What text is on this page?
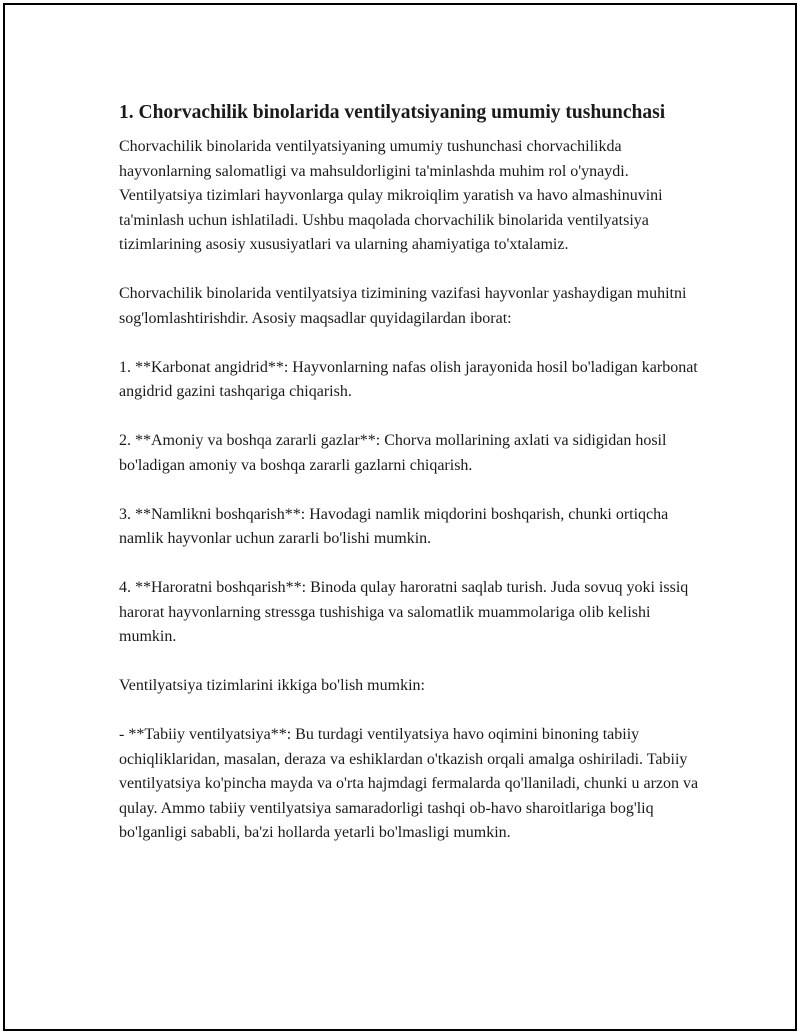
1. Chorvachilik binolarida ventilyatsiyaning umumiy tushunchasi

Chorvachilik binolarida ventilyatsiyaning umumiy tushunchasi chorvachilikda hayvonlarning salomatligi va mahsuldorligini ta'minlashda muhim rol o'ynaydi. Ventilyatsiya tizimlari hayvonlarga qulay mikroiqlim yaratish va havo almashinuvini ta'minlash uchun ishlatiladi. Ushbu maqolada chorvachilik binolarida ventilyatsiya tizimlarining asosiy xususiyatlari va ularning ahamiyatiga to'xtalamiz.

Chorvachilik binolarida ventilyatsiya tizimining vazifasi hayvonlar yashaydigan muhitni sog'lomlashtirishdir. Asosiy maqsadlar quyidagilardan iborat:

1. **Karbonat angidrid**: Hayvonlarning nafas olish jarayonida hosil bo'ladigan karbonat angidrid gazini tashqariga chiqarish.

2. **Amoniy va boshqa zararli gazlar**: Chorva mollarining axlati va sidigidan hosil bo'ladigan amoniy va boshqa zararli gazlarni chiqarish.

3. **Namlikni boshqarish**: Havodagi namlik miqdorini boshqarish, chunki ortiqcha namlik hayvonlar uchun zararli bo'lishi mumkin.

4. **Haroratni boshqarish**: Binoda qulay haroratni saqlab turish. Juda sovuq yoki issiq harorat hayvonlarning stressga tushishiga va salomatlik muammolariga olib kelishi mumkin.

Ventilyatsiya tizimlarini ikkiga bo'lish mumkin:

- **Tabiiy ventilyatsiya**: Bu turdagi ventilyatsiya havo oqimini binoning tabiiy ochiqliklaridan, masalan, deraza va eshiklardan o'tkazish orqali amalga oshiriladi. Tabiiy ventilyatsiya ko'pincha mayda va o'rta hajmdagi fermalarda qo'llaniladi, chunki u arzon va qulay. Ammo tabiiy ventilyatsiya samaradorligi tashqi ob-havo sharoitlariga bog'liq bo'lganligi sababli, ba'zi hollarda yetarli bo'lmasligi mumkin.
